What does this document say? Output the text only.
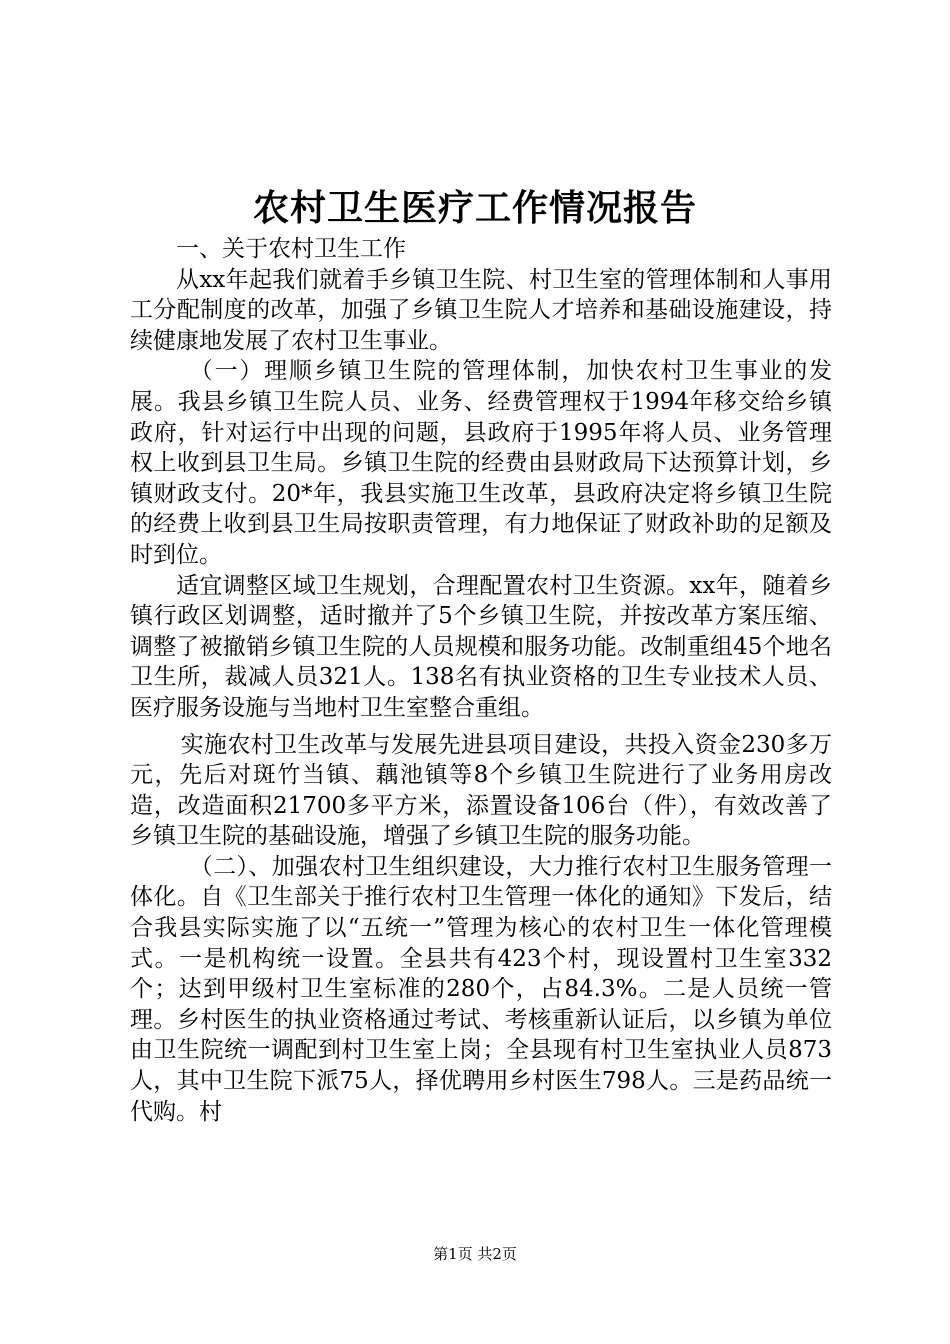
农村卫生医疗工作情况报告

一、关于农村卫生工作

从xx年起我们就着手乡镇卫生院、村卫生室的管理体制和人事用工分配制度的改革，加强了乡镇卫生院人才培养和基础设施建设，持续健康地发展了农村卫生事业。

（一）理顺乡镇卫生院的管理体制，加快农村卫生事业的发展。我县乡镇卫生院人员、业务、经费管理权于1994年移交给乡镇政府，针对运行中出现的问题，县政府于1995年将人员、业务管理权上收到县卫生局。乡镇卫生院的经费由县财政局下达预算计划，乡镇财政支付。20*年，我县实施卫生改革，县政府决定将乡镇卫生院的经费上收到县卫生局按职责管理，有力地保证了财政补助的足额及时到位。

适宜调整区域卫生规划，合理配置农村卫生资源。xx年，随着乡镇行政区划调整，适时撤并了5个乡镇卫生院，并按改革方案压缩、调整了被撤销乡镇卫生院的人员规模和服务功能。改制重组45个地名卫生所，裁减人员321人。138名有执业资格的卫生专业技术人员、医疗服务设施与当地村卫生室整合重组。

实施农村卫生改革与发展先进县项目建设，共投入资金230多万元，先后对斑竹当镇、藕池镇等8个乡镇卫生院进行了业务用房改造，改造面积21700多平方米，添置设备106台（件），有效改善了乡镇卫生院的基础设施，增强了乡镇卫生院的服务功能。

（二）、加强农村卫生组织建设，大力推行农村卫生服务管理一体化。自《卫生部关于推行农村卫生管理一体化的通知》下发后，结合我县实际实施了以“五统一”管理为核心的农村卫生一体化管理模式。一是机构统一设置。全县共有423个村，现设置村卫生室332个；达到甲级村卫生室标准的280个，占84.3%。二是人员统一管理。乡村医生的执业资格通过考试、考核重新认证后，以乡镇为单位由卫生院统一调配到村卫生室上岗；全县现有村卫生室执业人员873人，其中卫生院下派75人，择优聘用乡村医生798人。三是药品统一代购。村

第1页 共2页
